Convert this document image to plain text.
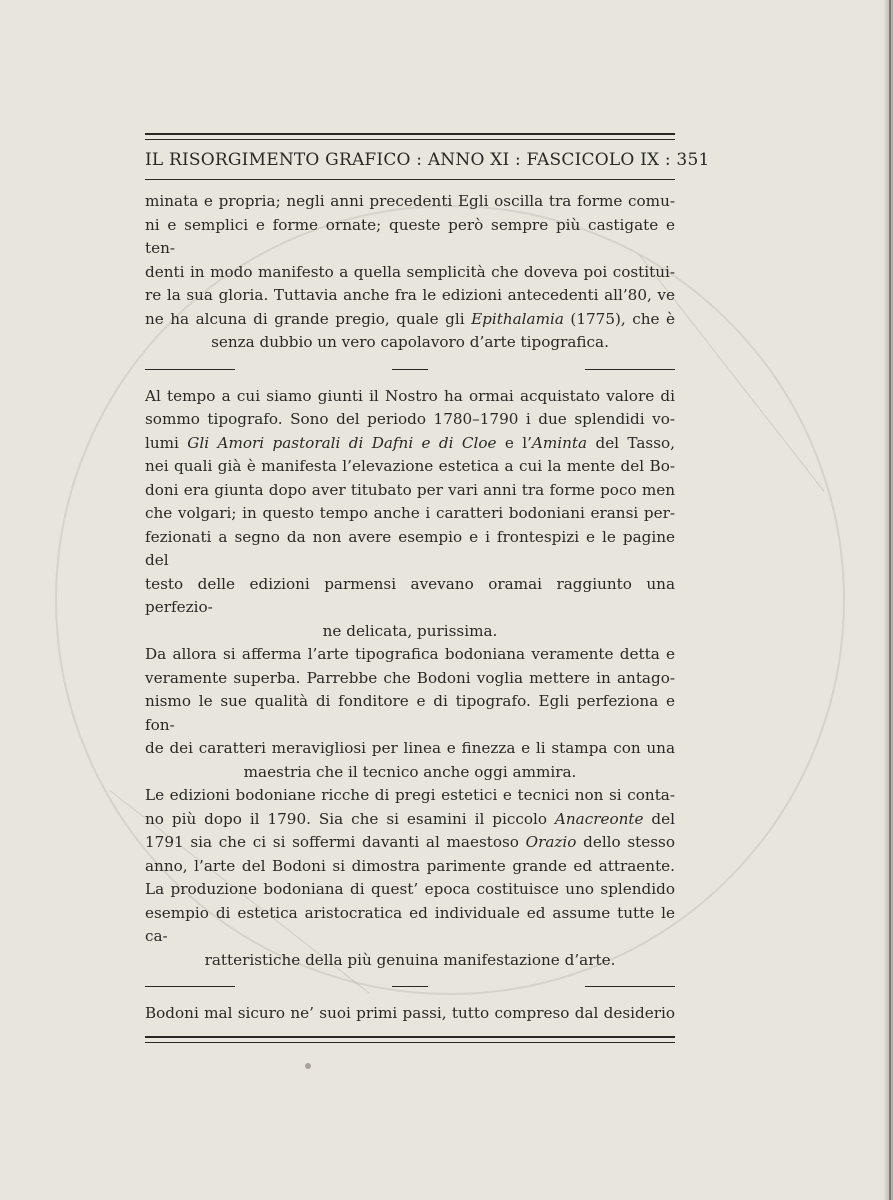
IL RISORGIMENTO GRAFICO : ANNO XI : FASCICOLO IX : 351

minata e propria; negli anni precedenti Egli oscilla tra forme comu-

ni e semplici e forme ornate; queste però sempre più castigate e ten-

denti in modo manifesto a quella semplicità che doveva poi costitui-

re la sua gloria. Tuttavia anche fra le edizioni antecedenti all’80, ve

ne ha alcuna di grande pregio, quale gli Epithalamia (1775), che è

senza dubbio un vero capolavoro d’arte tipografica.

Al tempo a cui siamo giunti il Nostro ha ormai acquistato valore di

sommo tipografo. Sono del periodo 1780–1790 i due splendidi vo-

lumi Gli Amori pastorali di Dafni e di Cloe e l’Aminta del Tasso,

nei quali già è manifesta l’elevazione estetica a cui la mente del Bo-

doni era giunta dopo aver titubato per vari anni tra forme poco men

che volgari; in questo tempo anche i caratteri bodoniani eransi per-

fezionati a segno da non avere esempio e i frontespizi e le pagine del

testo delle edizioni parmensi avevano oramai raggiunto una perfezio-

ne delicata, purissima.

Da allora si afferma l’arte tipografica bodoniana veramente detta e

veramente superba. Parrebbe che Bodoni voglia mettere in antago-

nismo le sue qualità di fonditore e di tipografo. Egli perfeziona e fon-

de dei caratteri meravigliosi per linea e finezza e li stampa con una

maestria che il tecnico anche oggi ammira.

Le edizioni bodoniane ricche di pregi estetici e tecnici non si conta-

no più dopo il 1790. Sia che si esamini il piccolo Anacreonte del

1791 sia che ci si soffermi davanti al maestoso Orazio dello stesso

anno, l’arte del Bodoni si dimostra parimente grande ed attraente.

La produzione bodoniana di quest’ epoca costituisce uno splendido

esempio di estetica aristocratica ed individuale ed assume tutte le ca-

ratteristiche della più genuina manifestazione d’arte.

Bodoni mal sicuro ne’ suoi primi passi, tutto compreso dal desiderio
